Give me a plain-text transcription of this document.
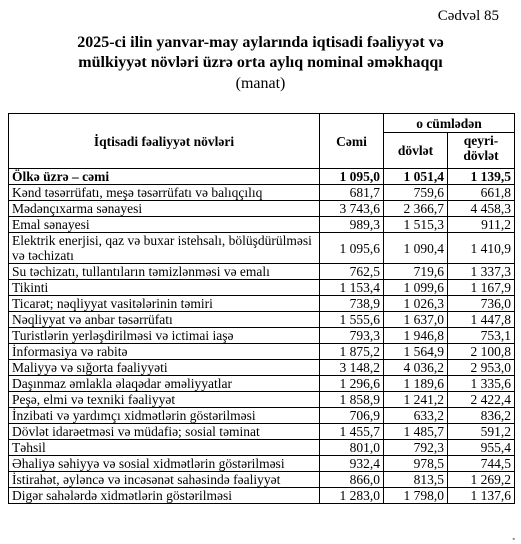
Cədvəl 85
2025-ci ilin yanvar-may aylarında iqtisadi fəaliyyət və
mülkiyyət növləri üzrə orta aylıq nominal əməkhaqqı
(manat)
İqtisadi fəaliyyət növləri	Cəmi	o cümlədən	
		dövlət	qeyri-dövlət
Ölkə üzrə – cəmi	1 095,0	1 051,4	1 139,5
Kənd təsərrüfatı, meşə təsərrüfatı və balıqçılıq	681,7	759,6	661,8
Mədənçıxarma sənayesi	3 743,6	2 366,7	4 458,3
Emal sənayesi	989,3	1 515,3	911,2
Elektrik enerjisi, qaz və buxar istehsalı, bölüşdürülməsi və təchizatı	1 095,6	1 090,4	1 410,9
Su təchizatı, tullantıların təmizlənməsi və emalı	762,5	719,6	1 337,3
Tikinti	1 153,4	1 099,6	1 167,9
Ticarət; nəqliyyat vasitələrinin təmiri	738,9	1 026,3	736,0
Nəqliyyat və anbar təsərrüfatı	1 555,6	1 637,0	1 447,8
Turistlərin yerləşdirilməsi və ictimai iaşə	793,3	1 946,8	753,1
İnformasiya və rabitə	1 875,2	1 564,9	2 100,8
Maliyyə və sığorta fəaliyyəti	3 148,2	4 036,2	2 953,0
Daşınmaz əmlakla əlaqədar əməliyyatlar	1 296,6	1 189,6	1 335,6
Peşə, elmi və texniki fəaliyyət	1 858,9	1 241,2	2 422,4
İnzibati və yardımçı xidmətlərin göstərilməsi	706,9	633,2	836,2
Dövlət idarəetməsi və müdafiə; sosial təminat	1 455,7	1 485,7	591,2
Təhsil	801,0	792,3	955,4
Əhaliyə səhiyyə və sosial xidmətlərin göstərilməsi	932,4	978,5	744,5
İstirahət, əyləncə və incəsənət sahəsində fəaliyyət	866,0	813,5	1 269,2
Digər sahələrdə xidmətlərin göstərilməsi	1 283,0	1 798,0	1 137,6
■
